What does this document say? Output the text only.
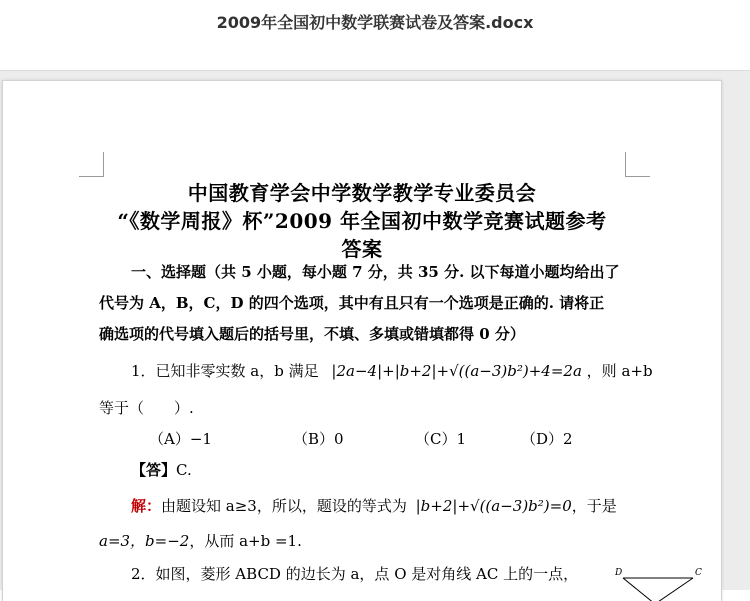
2009年全国初中数学联赛试卷及答案.docx
中国教育学会中学数学教学专业委员会
“《数学周报》杯”2009 年全国初中数学竞赛试题参考
答案
一、选择题（共 5 小题，每小题 7 分，共 35 分. 以下每道小题均给出了
代号为 A，B，C，D 的四个选项，其中有且只有一个选项是正确的. 请将正
确选项的代号填入题后的括号里，不填、多填或错填都得 0 分）
1．已知非零实数 a，b 满足 |2a−4|+|b+2|+√((a−3)b²)+4=2a ，则 a+b
等于（　　）.
（A）−1	（B）0	（C）1	（D）2
【答】C.
解：由题设知 a≥3，所以，题设的等式为 |b+2|+√((a−3)b²)=0，于是
a=3，b=−2，从而 a+b =1.
2．如图，菱形 ABCD 的边长为 a，点 O 是对角线 AC 上的一点，	D	C
